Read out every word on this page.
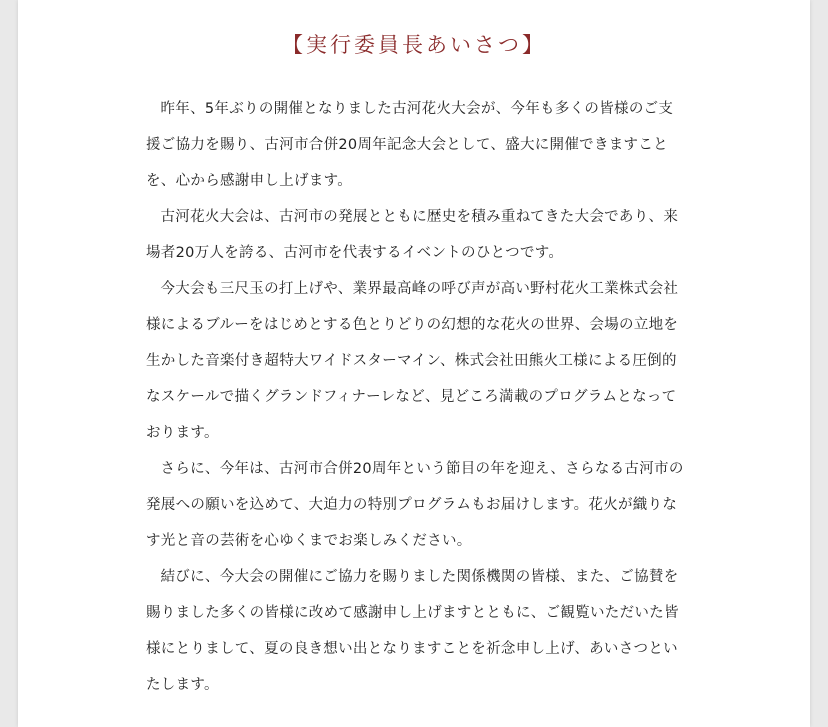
【実行委員長あいさつ】

昨年、5年ぶりの開催となりました古河花火大会が、今年も多くの皆様のご支援ご協力を賜り、古河市合併20周年記念大会として、盛大に開催できますことを、心から感謝申し上げます。

古河花火大会は、古河市の発展とともに歴史を積み重ねてきた大会であり、来場者20万人を誇る、古河市を代表するイベントのひとつです。

今大会も三尺玉の打上げや、業界最高峰の呼び声が高い野村花火工業株式会社様によるブルーをはじめとする色とりどりの幻想的な花火の世界、会場の立地を生かした音楽付き超特大ワイドスターマイン、株式会社田熊火工様による圧倒的なスケールで描くグランドフィナーレなど、見どころ満載のプログラムとなっております。

さらに、今年は、古河市合併20周年という節目の年を迎え、さらなる古河市の発展への願いを込めて、大迫力の特別プログラムもお届けします。花火が織りなす光と音の芸術を心ゆくまでお楽しみください。

結びに、今大会の開催にご協力を賜りました関係機関の皆様、また、ご協賛を賜りました多くの皆様に改めて感謝申し上げますとともに、ご観覧いただいた皆様にとりまして、夏の良き想い出となりますことを祈念申し上げ、あいさつといたします。
